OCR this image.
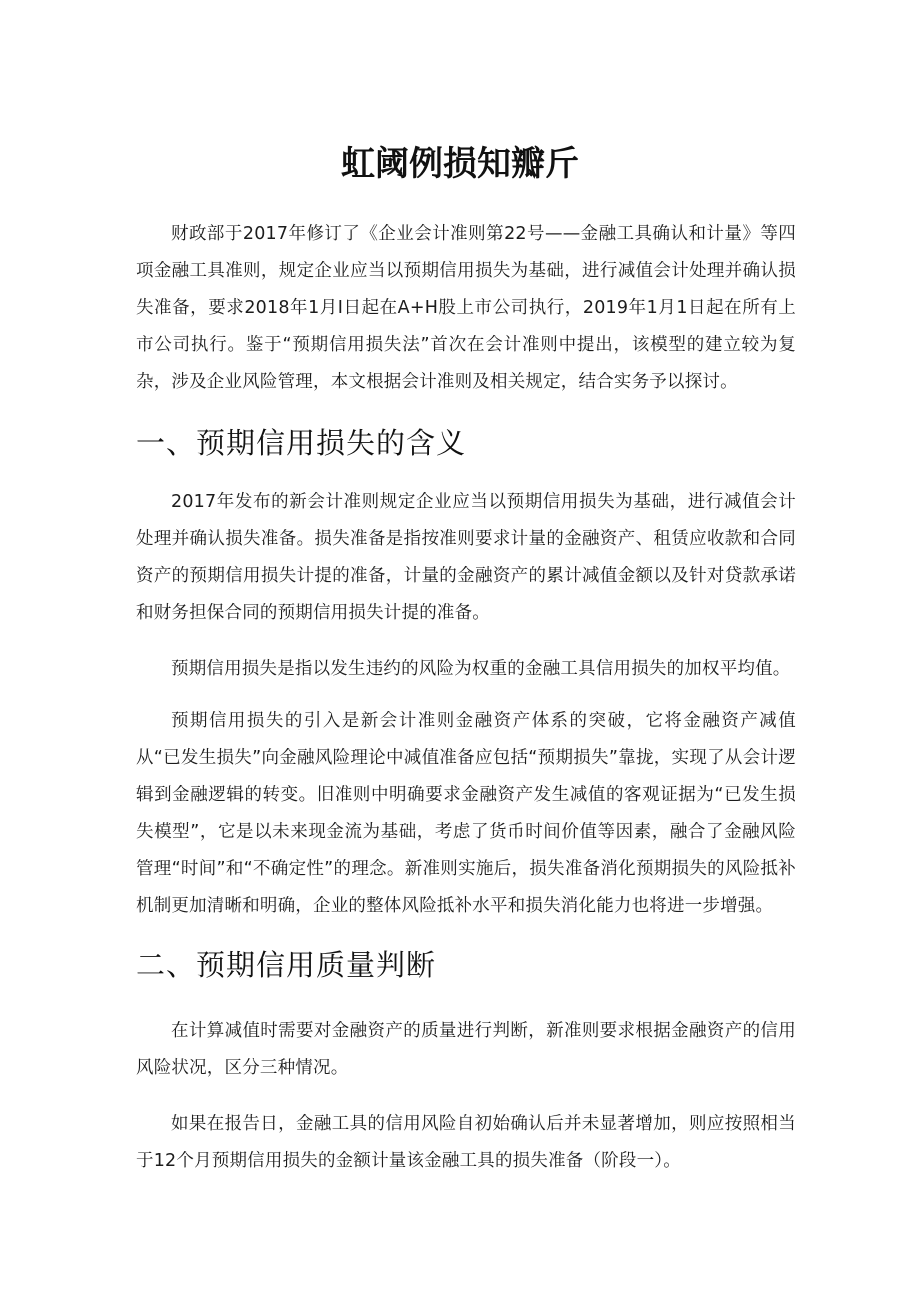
虹阈例损知瓣斤
财政部于2017年修订了《企业会计准则第22号——金融工具确认和计量》等四项金融工具准则，规定企业应当以预期信用损失为基础，进行减值会计处理并确认损失准备，要求2018年1月I日起在A+H股上市公司执行，2019年1月1日起在所有上市公司执行。鉴于“预期信用损失法”首次在会计准则中提出，该模型的建立较为复杂，涉及企业风险管理，本文根据会计准则及相关规定，结合实务予以探讨。
一、预期信用损失的含义
2017年发布的新会计准则规定企业应当以预期信用损失为基础，进行减值会计处理并确认损失准备。损失准备是指按准则要求计量的金融资产、租赁应收款和合同资产的预期信用损失计提的准备，计量的金融资产的累计减值金额以及针对贷款承诺和财务担保合同的预期信用损失计提的准备。
预期信用损失是指以发生违约的风险为权重的金融工具信用损失的加权平均值。
预期信用损失的引入是新会计准则金融资产体系的突破，它将金融资产减值从“已发生损失”向金融风险理论中减值准备应包括“预期损失”靠拢，实现了从会计逻辑到金融逻辑的转变。旧准则中明确要求金融资产发生减值的客观证据为“已发生损失模型”，它是以未来现金流为基础，考虑了货币时间价值等因素，融合了金融风险管理“时间”和“不确定性”的理念。新准则实施后，损失准备消化预期损失的风险抵补机制更加清晰和明确，企业的整体风险抵补水平和损失消化能力也将进一步增强。
二、预期信用质量判断
在计算减值时需要对金融资产的质量进行判断，新准则要求根据金融资产的信用风险状况，区分三种情况。
如果在报告日，金融工具的信用风险自初始确认后并未显著增加，则应按照相当于12个月预期信用损失的金额计量该金融工具的损失准备（阶段一）。
